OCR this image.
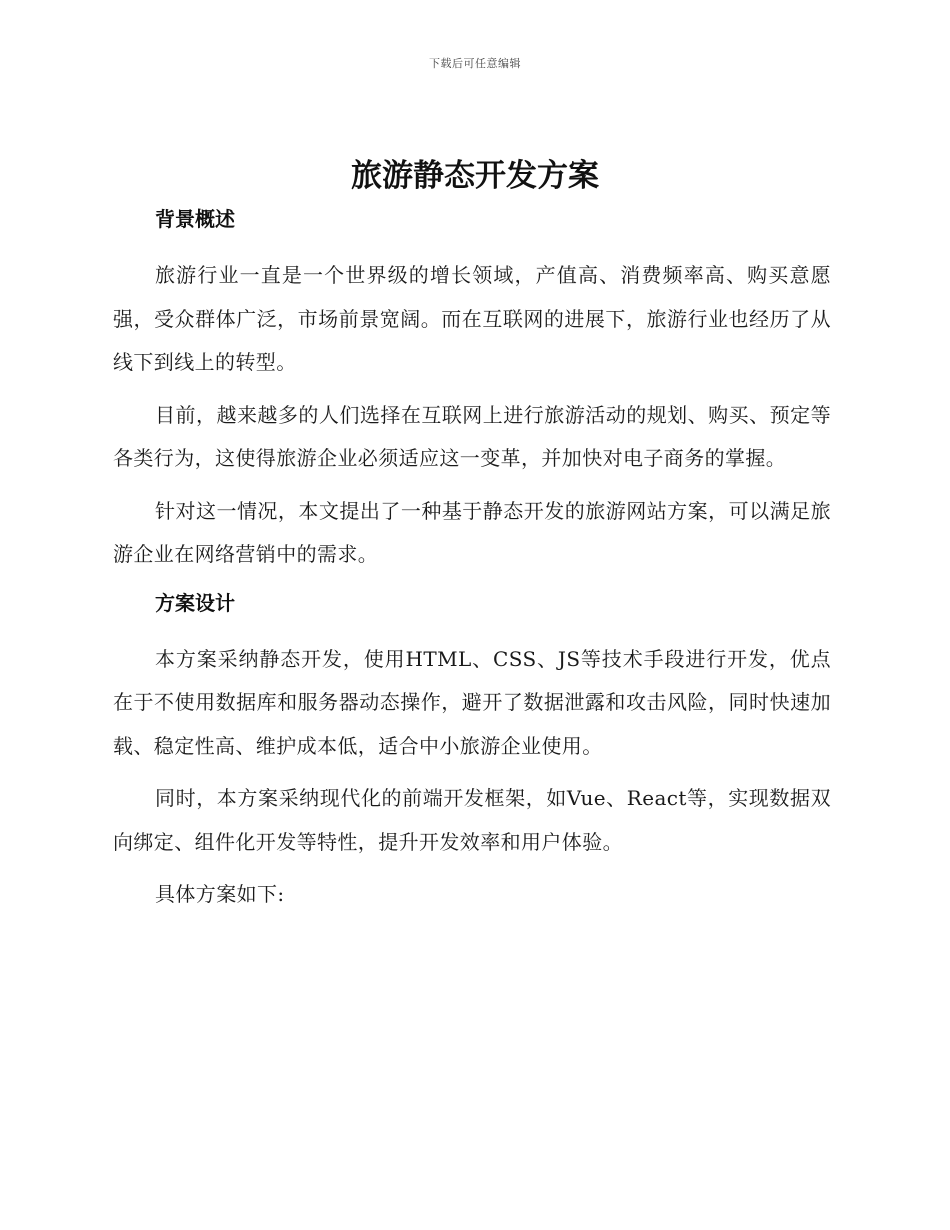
下载后可任意编辑
旅游静态开发方案
背景概述

旅游行业一直是一个世界级的增长领域，产值高、消费频率高、购买意愿强，受众群体广泛，市场前景宽阔。而在互联网的进展下，旅游行业也经历了从线下到线上的转型。

目前，越来越多的人们选择在互联网上进行旅游活动的规划、购买、预定等各类行为，这使得旅游企业必须适应这一变革，并加快对电子商务的掌握。

针对这一情况，本文提出了一种基于静态开发的旅游网站方案，可以满足旅游企业在网络营销中的需求。

方案设计

本方案采纳静态开发，使用HTML、CSS、JS等技术手段进行开发，优点在于不使用数据库和服务器动态操作，避开了数据泄露和攻击风险，同时快速加载、稳定性高、维护成本低，适合中小旅游企业使用。

同时，本方案采纳现代化的前端开发框架，如Vue、React等，实现数据双向绑定、组件化开发等特性，提升开发效率和用户体验。

具体方案如下:
